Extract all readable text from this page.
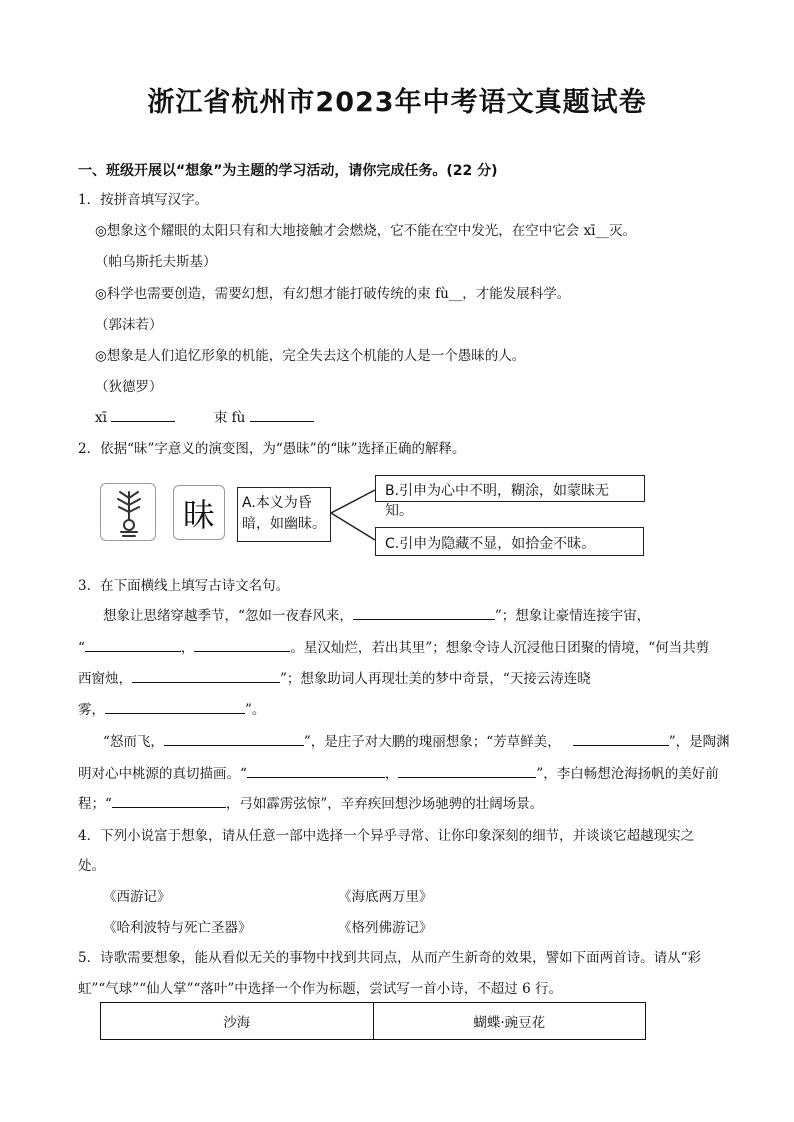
浙江省杭州市2023年中考语文真题试卷
一、班级开展以“想象”为主题的学习活动，请你完成任务。(22 分)
1．按拼音填写汉字。
◎想象这个耀眼的太阳只有和大地接触才会燃烧，它不能在空中发光，在空中它会 xī__灭。
（帕乌斯托夫斯基）
◎科学也需要创造，需要幻想，有幻想才能打破传统的束 fù__，才能发展科学。
（郭沫若）
◎想象是人们追忆形象的机能，完全失去这个机能的人是一个愚昧的人。
（狄德罗）
xī	束 fù
2．依据“昧”字意义的演变图，为“愚昧”的“昧”选择正确的解释。
昧 A.本义为昏
暗，如幽昧。
B.引申为心中不明，糊涂，如蒙昧无知。
C.引申为隐藏不显，如拾金不昧。
3．在下面横线上填写古诗文名句。
想象让思绪穿越季节，“忽如一夜春风来，	”；想象让豪情连接宇宙，
“	，	。星汉灿烂，若出其里”；想象令诗人沉浸他日团聚的情境，“何当共剪
西窗烛，	”；想象助词人再现壮美的梦中奇景，“天接云涛连晓
雾，	”。
“怒而飞，	”，是庄子对大鹏的瑰丽想象；“芳草鲜美，	”，是陶渊
明对心中桃源的真切描画。“	，	”，李白畅想沧海扬帆的美好前
程；“	，弓如霹雳弦惊”，辛弃疾回想沙场驰骋的壮阔场景。
4．下列小说富于想象，请从任意一部中选择一个异乎寻常、让你印象深刻的细节，并谈谈它超越现实之
处。
《西游记》	《海底两万里》
《哈利波特与死亡圣器》	《格列佛游记》
5．诗歌需要想象，能从看似无关的事物中找到共同点，从而产生新奇的效果，譬如下面两首诗。请从“彩
虹”“气球”“仙人掌”“落叶”中选择一个作为标题，尝试写一首小诗，不超过 6 行。
沙海	蝴蝶·豌豆花
